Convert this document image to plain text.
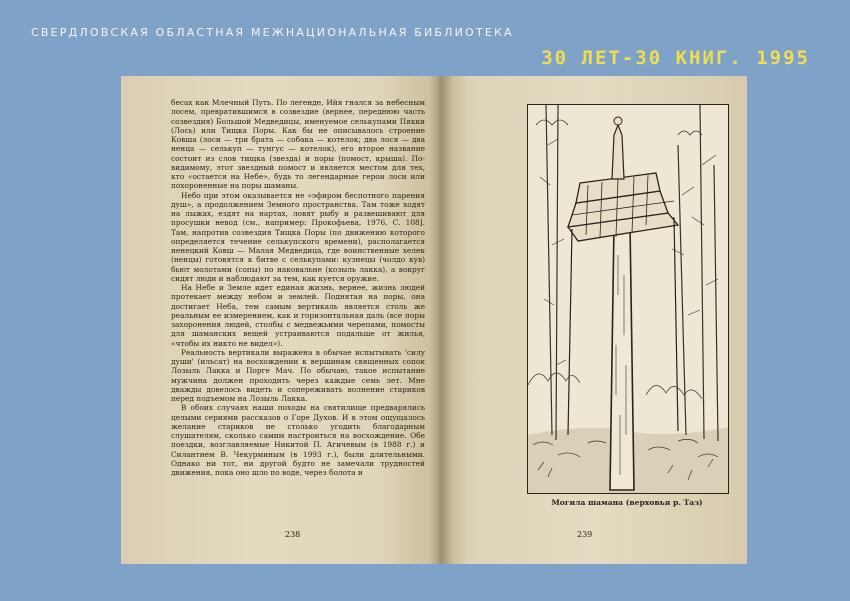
СВЕРДЛОВСКАЯ ОБЛАСТНАЯ МЕЖНАЦИОНАЛЬНАЯ БИБЛИОТЕКА
30 ЛЕТ-30 КНИГ. 1995

бесах как Млечный Путь. По легенде, Ийя гнался за небесным лосем, превратившимся в созвездие (вернее, переднюю часть созвездия) Большой Медведицы, именуемое селькупами Пякки (Лось) или Тищка Поры. Как бы не описывалось строение Ковша (лоси — три брата — собака — котелок; два лося — два ненца — селькуп — тунгус — котелок), его второе название состоит из слов тищка (звезда) и поры (помост, крыша). По-видимому, этот звездный помост и является местом для тех, кто «остается на Небе», будь то легендарные герои лоси или похороненные на поры шаманы.

Небо при этом оказывается не «эфиром беспотного парения душ», а продолжением Земного пространства. Там тоже ходят на лыжах, ездят на нартах, ловят рыбу и развешивают для просушки невод (см., например: Прокофьева, 1976. С. 108]. Там, напротив созвездия Тищка Поры (по движению которого определяется течение селькупского времени), располагается ненецкий Ковш — Малая Медведица, где воинственные хелек (ненцы) готовятся к битве с селькупами: кузнецы (чолдо кув) бьют молотами (сопы) по наковальне (козыль лакка), а вокруг сидят люди и наблюдают за тем, как куется оружие.

На Небе и Земле идет единая жизнь, вернее, жизнь людей протекает между небом и землей. Поднятая на поры, она достигает Неба, тем самым вертикаль является столь же реальным ее измерением, как и горизонтальная даль (все поры захоронения людей, столбы с медвежьими черепами, помосты для шаманских вещей устраиваются подальше от жилья, «чтобы их никто не видел»).

Реальность вертикали выражена в обычае испытывать 'силу души' (ильсат) на восхождении к вершинам священных сопок Лозыль Лакка и Порге Мач. По обычаю, такое испытание мужчина должен проходить через каждые семь лет. Мне дважды довелось видеть и сопереживать волнение стариков перед подъемом на Лозыль Лакка.

В обоих случаях наши походы на святилище предварялись целыми сериями рассказов о Горе Духов. И в этом ощущалось желание стариков не столько угодить благодарным слушателям, сколько самим настроиться на восхождение. Обе поездки, возглавляемые Никитой П. Агичевым (в 1988 г.) и Силантием В. Чекурминым (в 1993 г.), были длительными. Однако ни тот, ни другой будто не замечали трудностей движения, пока оно шло по воде, через болота и

238
Могила шамана (верховья р. Таз)
239
